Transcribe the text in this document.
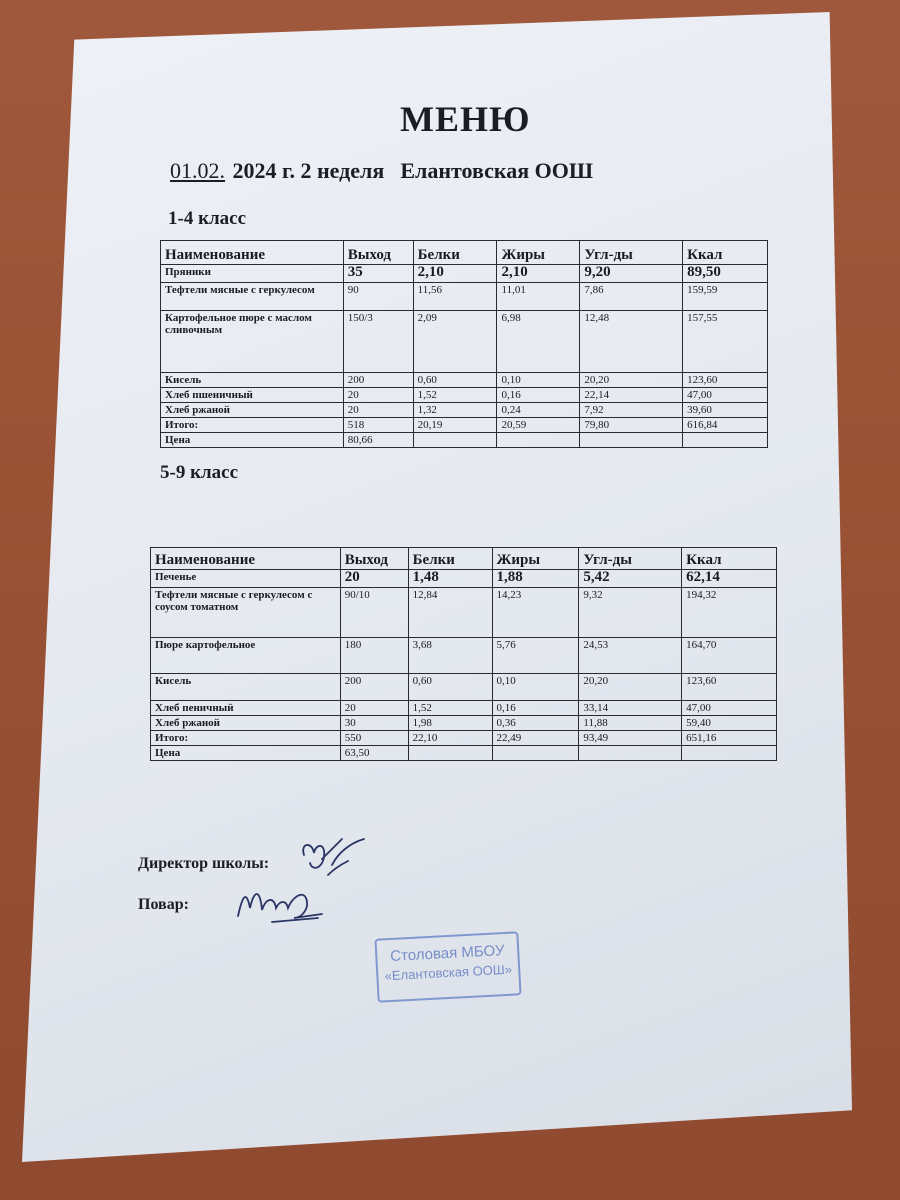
МЕНЮ
01.02. 2024 г. 2 неделя Елантовская ООШ
1-4 класс
Наименование	Выход	Белки	Жиры	Угл-ды	Ккал
Пряники	35	2,10	2,10	9,20	89,50
Тефтели мясные с геркулесом	90	11,56	11,01	7,86	159,59
Картофельное пюре с маслом сливочным	150/3	2,09	6,98	12,48	157,55
Кисель	200	0,60	0,10	20,20	123,60
Хлеб пшеничный	20	1,52	0,16	22,14	47,00
Хлеб ржаной	20	1,32	0,24	7,92	39,60
Итого:	518	20,19	20,59	79,80	616,84
Цена	80,66				
5-9 класс
Наименование	Выход	Белки	Жиры	Угл-ды	Ккал
Печенье	20	1,48	1,88	5,42	62,14
Тефтели мясные с геркулесом с соусом томатном	90/10	12,84	14,23	9,32	194,32
Пюре картофельное	180	3,68	5,76	24,53	164,70
Кисель	200	0,60	0,10	20,20	123,60
Хлеб пеничный	20	1,52	0,16	33,14	47,00
Хлеб ржаной	30	1,98	0,36	11,88	59,40
Итого:	550	22,10	22,49	93,49	651,16
Цена	63,50				
Директор школы:
Повар:
Столовая МБОУ
«Елантовская ООШ»
